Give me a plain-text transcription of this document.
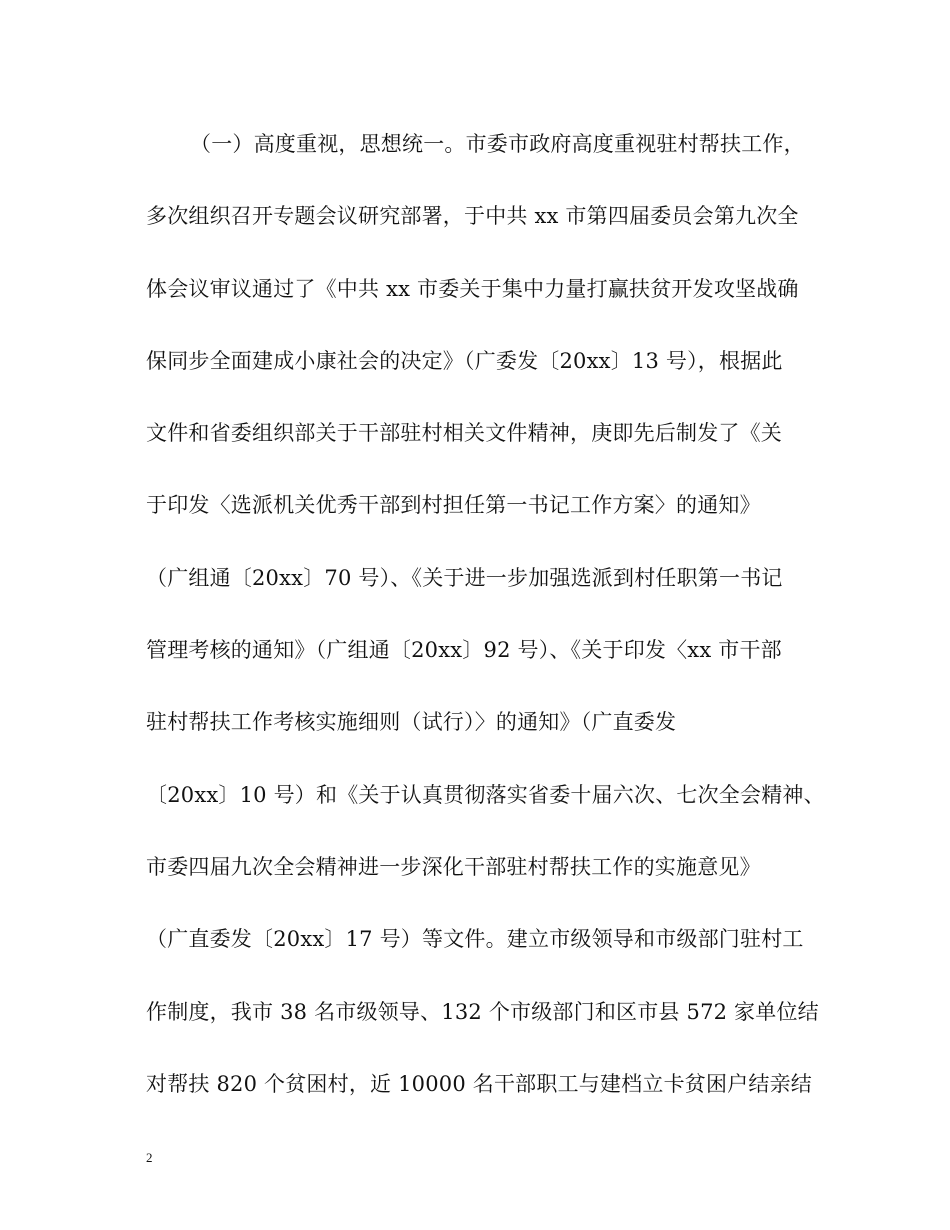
（一）高度重视，思想统一。市委市政府高度重视驻村帮扶工作，
多次组织召开专题会议研究部署，于中共 xx 市第四届委员会第九次全
体会议审议通过了《中共 xx 市委关于集中力量打赢扶贫开发攻坚战确
保同步全面建成小康社会的决定》（广委发〔20xx〕13 号），根据此
文件和省委组织部关于干部驻村相关文件精神，庚即先后制发了《关
于印发〈选派机关优秀干部到村担任第一书记工作方案〉的通知》
（广组通〔20xx〕70 号）、《关于进一步加强选派到村任职第一书记
管理考核的通知》（广组通〔20xx〕92 号）、《关于印发〈xx 市干部
驻村帮扶工作考核实施细则（试行）〉的通知》（广直委发
〔20xx〕10 号）和《关于认真贯彻落实省委十届六次、七次全会精神、
市委四届九次全会精神进一步深化干部驻村帮扶工作的实施意见》
（广直委发〔20xx〕17 号）等文件。建立市级领导和市级部门驻村工
作制度，我市 38 名市级领导、132 个市级部门和区市县 572 家单位结
对帮扶 820 个贫困村，近 10000 名干部职工与建档立卡贫困户结亲结
2
